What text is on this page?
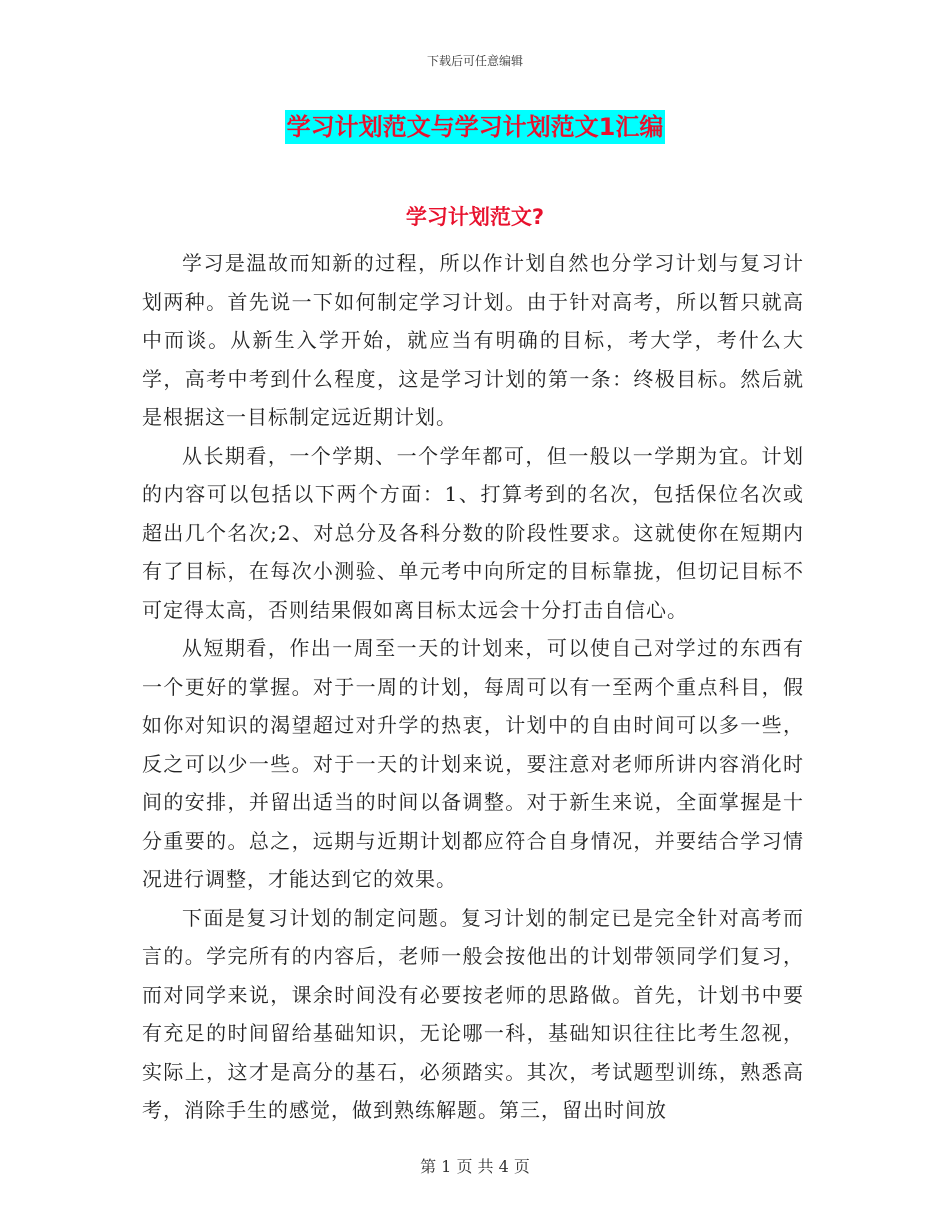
下载后可任意编辑
学习计划范文与学习计划范文1汇编
学习计划范文?

学习是温故而知新的过程，所以作计划自然也分学习计划与复习计划两种。首先说一下如何制定学习计划。由于针对高考，所以暂只就高中而谈。从新生入学开始，就应当有明确的目标，考大学，考什么大学，高考中考到什么程度，这是学习计划的第一条：终极目标。然后就是根据这一目标制定远近期计划。

从长期看，一个学期、一个学年都可，但一般以一学期为宜。计划的内容可以包括以下两个方面：1、打算考到的名次，包括保位名次或超出几个名次;2、对总分及各科分数的阶段性要求。这就使你在短期内有了目标，在每次小测验、单元考中向所定的目标靠拢，但切记目标不可定得太高，否则结果假如离目标太远会十分打击自信心。

从短期看，作出一周至一天的计划来，可以使自己对学过的东西有一个更好的掌握。对于一周的计划，每周可以有一至两个重点科目，假如你对知识的渴望超过对升学的热衷，计划中的自由时间可以多一些，反之可以少一些。对于一天的计划来说，要注意对老师所讲内容消化时间的安排，并留出适当的时间以备调整。对于新生来说，全面掌握是十分重要的。总之，远期与近期计划都应符合自身情况，并要结合学习情况进行调整，才能达到它的效果。

下面是复习计划的制定问题。复习计划的制定已是完全针对高考而言的。学完所有的内容后，老师一般会按他出的计划带领同学们复习，而对同学来说，课余时间没有必要按老师的思路做。首先，计划书中要有充足的时间留给基础知识，无论哪一科，基础知识往往比考生忽视，实际上，这才是高分的基石，必须踏实。其次，考试题型训练，熟悉高考，消除手生的感觉，做到熟练解题。第三，留出时间放

第 1 页 共 4 页
